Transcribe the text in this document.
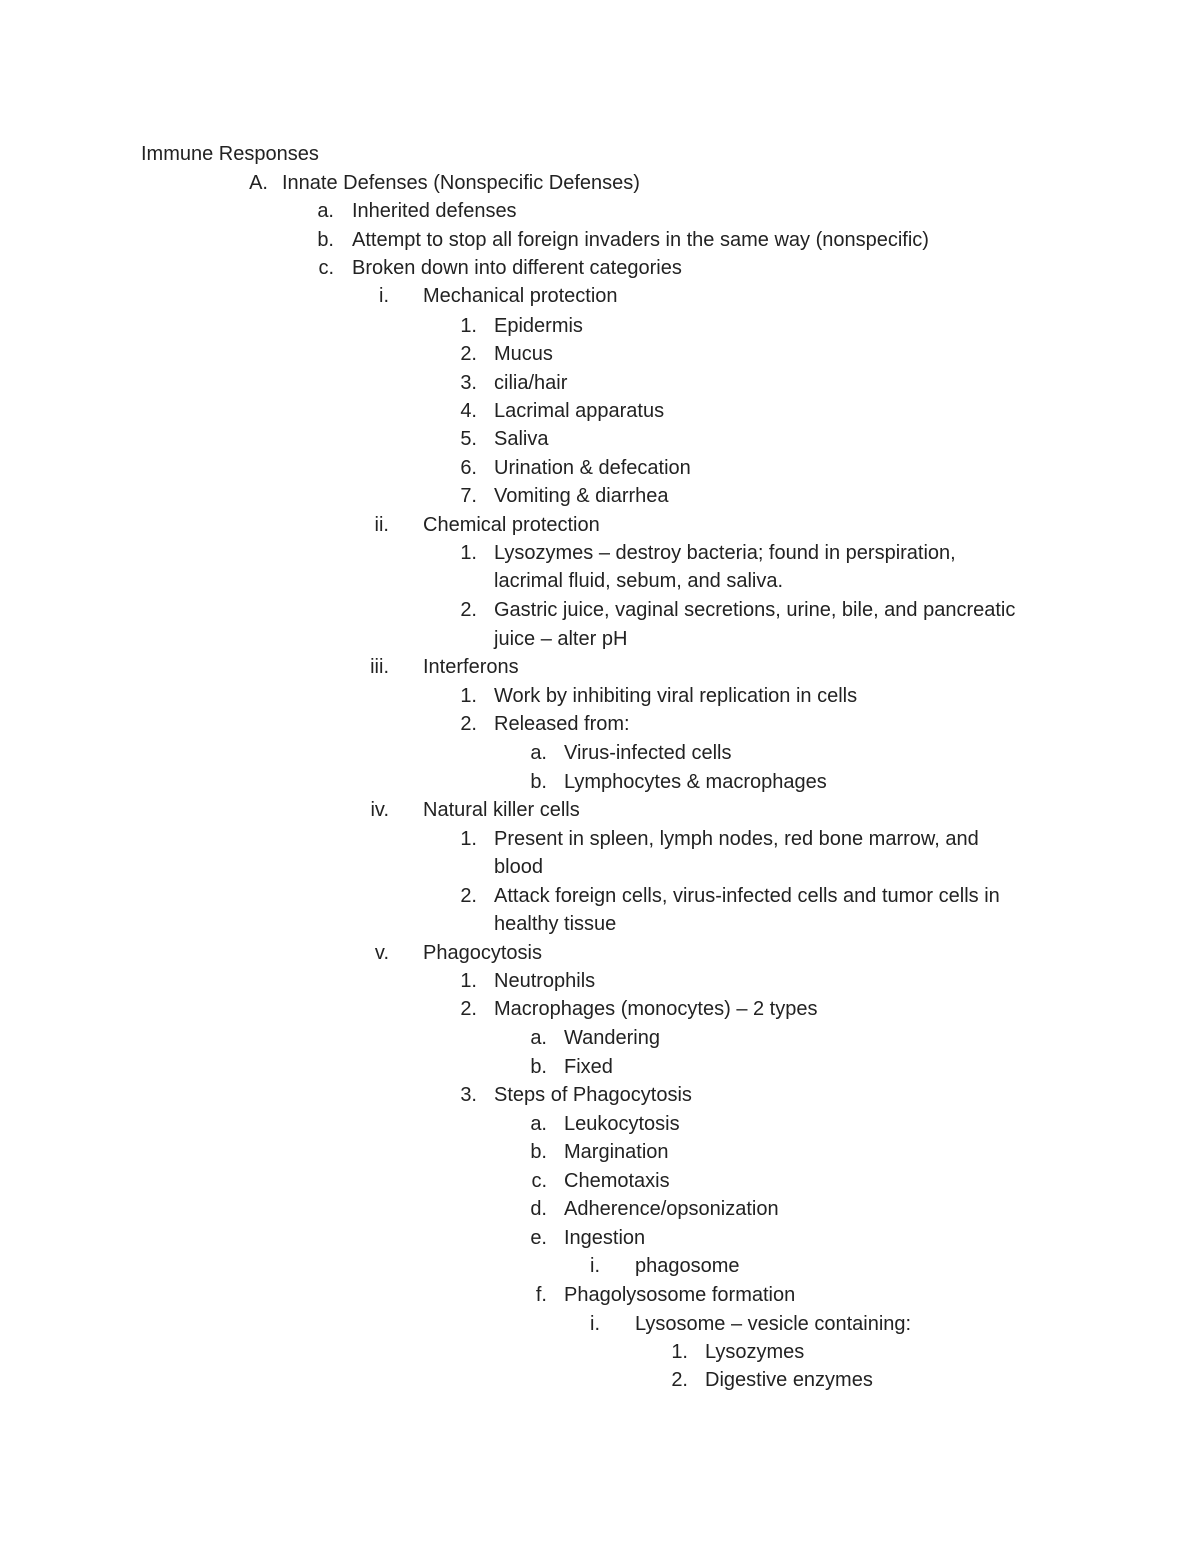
Immune Responses
A. Innate Defenses (Nonspecific Defenses)
a. Inherited defenses
b. Attempt to stop all foreign invaders in the same way (nonspecific)
c. Broken down into different categories
i. Mechanical protection
1. Epidermis
2. Mucus
3. cilia/hair
4. Lacrimal apparatus
5. Saliva
6. Urination & defecation
7. Vomiting & diarrhea
ii. Chemical protection
1. Lysozymes – destroy bacteria; found in perspiration,
lacrimal fluid, sebum, and saliva.
2. Gastric juice, vaginal secretions, urine, bile, and pancreatic
juice – alter pH
iii. Interferons
1. Work by inhibiting viral replication in cells
2. Released from:
a. Virus-infected cells
b. Lymphocytes & macrophages
iv. Natural killer cells
1. Present in spleen, lymph nodes, red bone marrow, and
blood
2. Attack foreign cells, virus-infected cells and tumor cells in
healthy tissue
v. Phagocytosis
1. Neutrophils
2. Macrophages (monocytes) – 2 types
a. Wandering
b. Fixed
3. Steps of Phagocytosis
a. Leukocytosis
b. Margination
c. Chemotaxis
d. Adherence/opsonization
e. Ingestion
i. phagosome
f. Phagolysosome formation
i. Lysosome – vesicle containing:
1. Lysozymes
2. Digestive enzymes
